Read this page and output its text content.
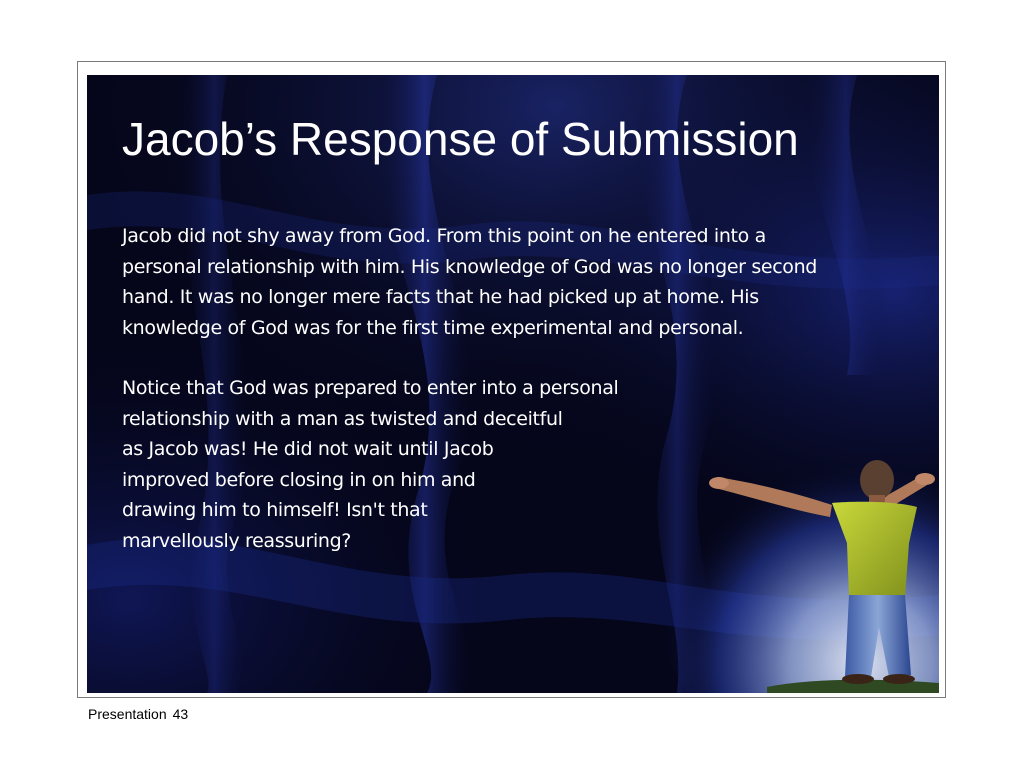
Jacob’s Response of Submission

Jacob did not shy away from God. From this point on he entered into a
personal relationship with him. His knowledge of God was no longer second
hand. It was no longer mere facts that he had picked up at home. His
knowledge of God was for the first time experimental and personal.

Notice that God was prepared to enter into a personal
relationship with a man as twisted and deceitful
as Jacob was! He did not wait until Jacob
improved before closing in on him and
drawing him to himself! Isn't that
marvellously reassuring?

Presentation 43
